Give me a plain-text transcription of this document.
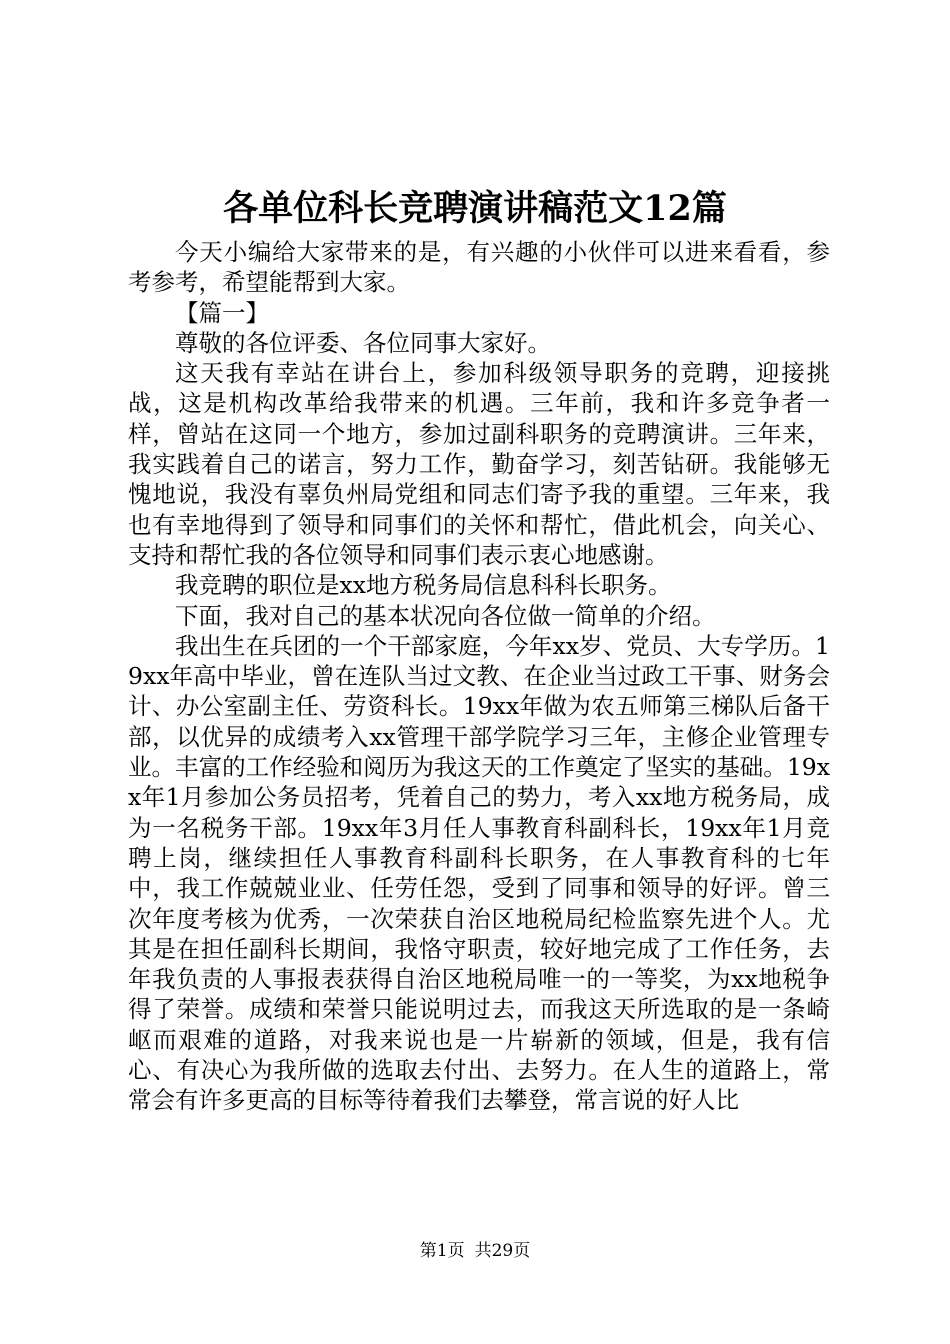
各单位科长竞聘演讲稿范文12篇

今天小编给大家带来的是，有兴趣的小伙伴可以进来看看，参考参考，希望能帮到大家。

【篇一】

尊敬的各位评委、各位同事大家好。

这天我有幸站在讲台上，参加科级领导职务的竞聘，迎接挑战，这是机构改革给我带来的机遇。三年前，我和许多竞争者一样，曾站在这同一个地方，参加过副科职务的竞聘演讲。三年来，我实践着自己的诺言，努力工作，勤奋学习，刻苦钻研。我能够无愧地说，我没有辜负州局党组和同志们寄予我的重望。三年来，我也有幸地得到了领导和同事们的关怀和帮忙，借此机会，向关心、支持和帮忙我的各位领导和同事们表示衷心地感谢。

我竞聘的职位是xx地方税务局信息科科长职务。

下面，我对自己的基本状况向各位做一简单的介绍。

我出生在兵团的一个干部家庭，今年xx岁、党员、大专学历。19xx年高中毕业，曾在连队当过文教、在企业当过政工干事、财务会计、办公室副主任、劳资科长。19xx年做为农五师第三梯队后备干部，以优异的成绩考入xx管理干部学院学习三年，主修企业管理专业。丰富的工作经验和阅历为我这天的工作奠定了坚实的基础。19xx年1月参加公务员招考，凭着自己的势力，考入xx地方税务局，成为一名税务干部。19xx年3月任人事教育科副科长，19xx年1月竞聘上岗，继续担任人事教育科副科长职务，在人事教育科的七年中，我工作兢兢业业、任劳任怨，受到了同事和领导的好评。曾三次年度考核为优秀，一次荣获自治区地税局纪检监察先进个人。尤其是在担任副科长期间，我恪守职责，较好地完成了工作任务，去年我负责的人事报表获得自治区地税局唯一的一等奖，为xx地税争得了荣誉。成绩和荣誉只能说明过去，而我这天所选取的是一条崎岖而艰难的道路，对我来说也是一片崭新的领域，但是，我有信心、有决心为我所做的选取去付出、去努力。在人生的道路上，常常会有许多更高的目标等待着我们去攀登，常言说的好人比

第1页 共29页
